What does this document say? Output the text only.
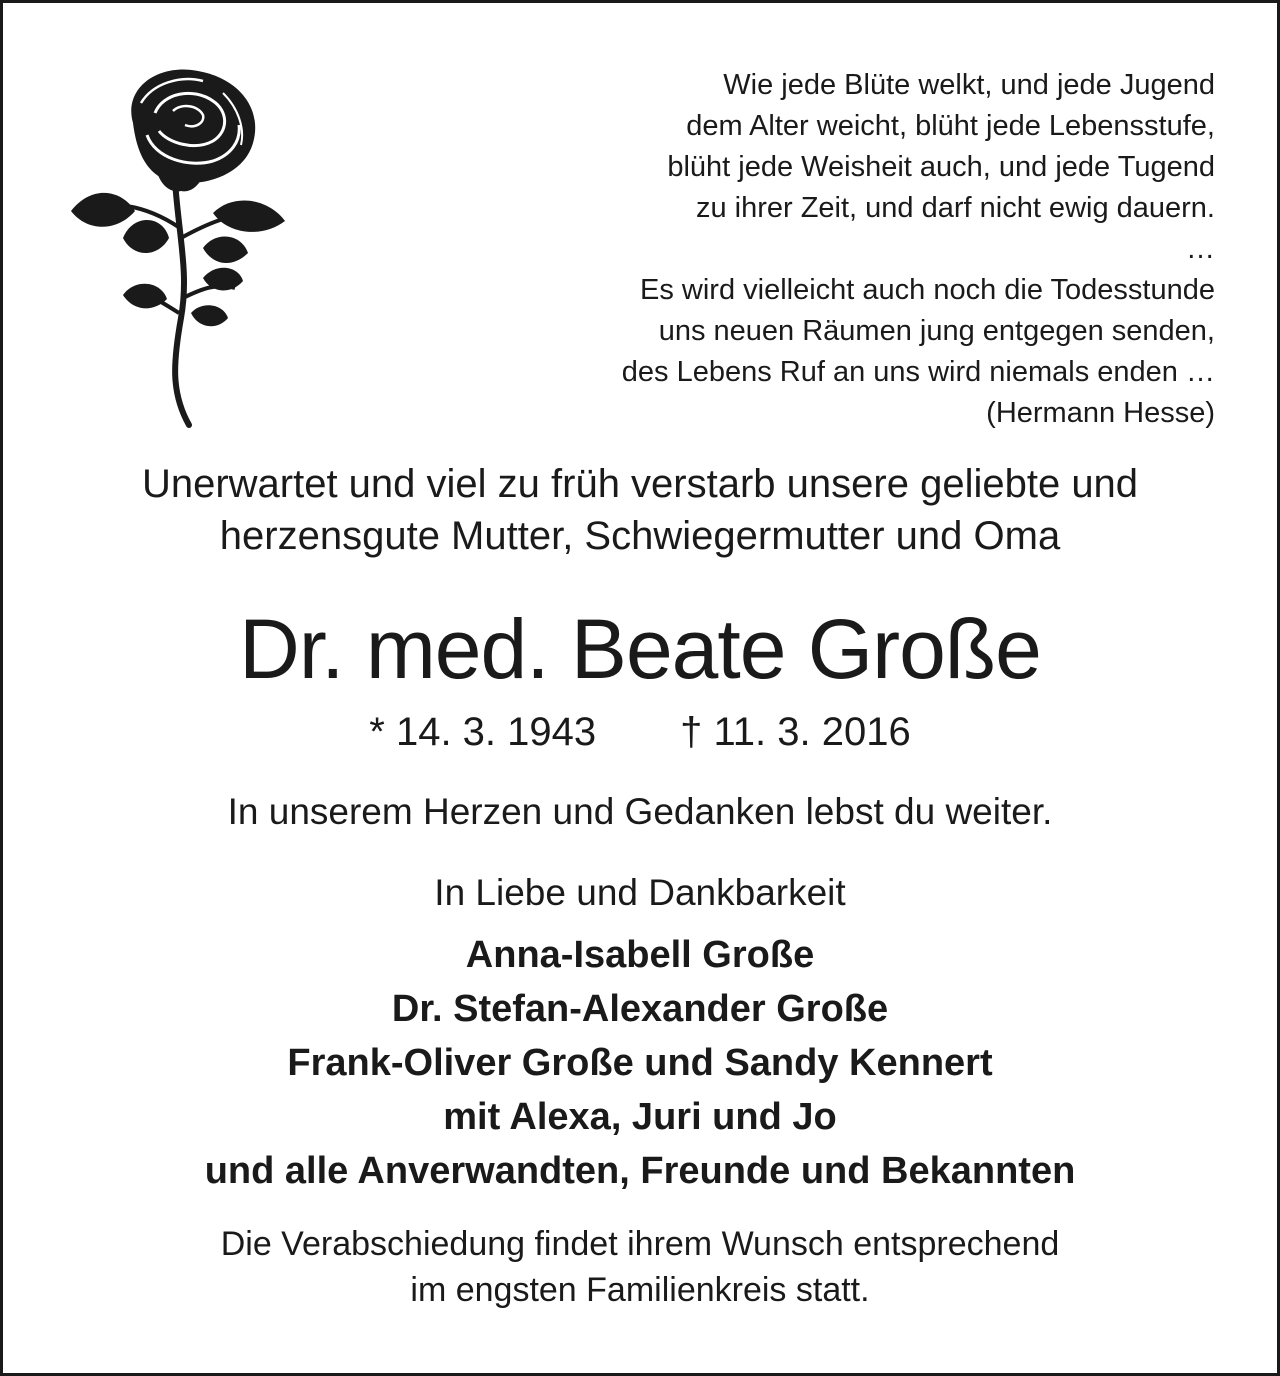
Wie jede Blüte welkt, und jede Jugend
dem Alter weicht, blüht jede Lebensstufe,
blüht jede Weisheit auch, und jede Tugend
zu ihrer Zeit, und darf nicht ewig dauern.
…
Es wird vielleicht auch noch die Todesstunde
uns neuen Räumen jung entgegen senden,
des Lebens Ruf an uns wird niemals enden …
(Hermann Hesse)
Unerwartet und viel zu früh verstarb unsere geliebte und
herzensgute Mutter, Schwiegermutter und Oma
Dr. med. Beate Große
* 14. 3. 1943 † 11. 3. 2016
In unserem Herzen und Gedanken lebst du weiter.
In Liebe und Dankbarkeit
Anna-Isabell Große
Dr. Stefan-Alexander Große
Frank-Oliver Große und Sandy Kennert
mit Alexa, Juri und Jo
und alle Anverwandten, Freunde und Bekannten
Die Verabschiedung findet ihrem Wunsch entsprechend
im engsten Familienkreis statt.
